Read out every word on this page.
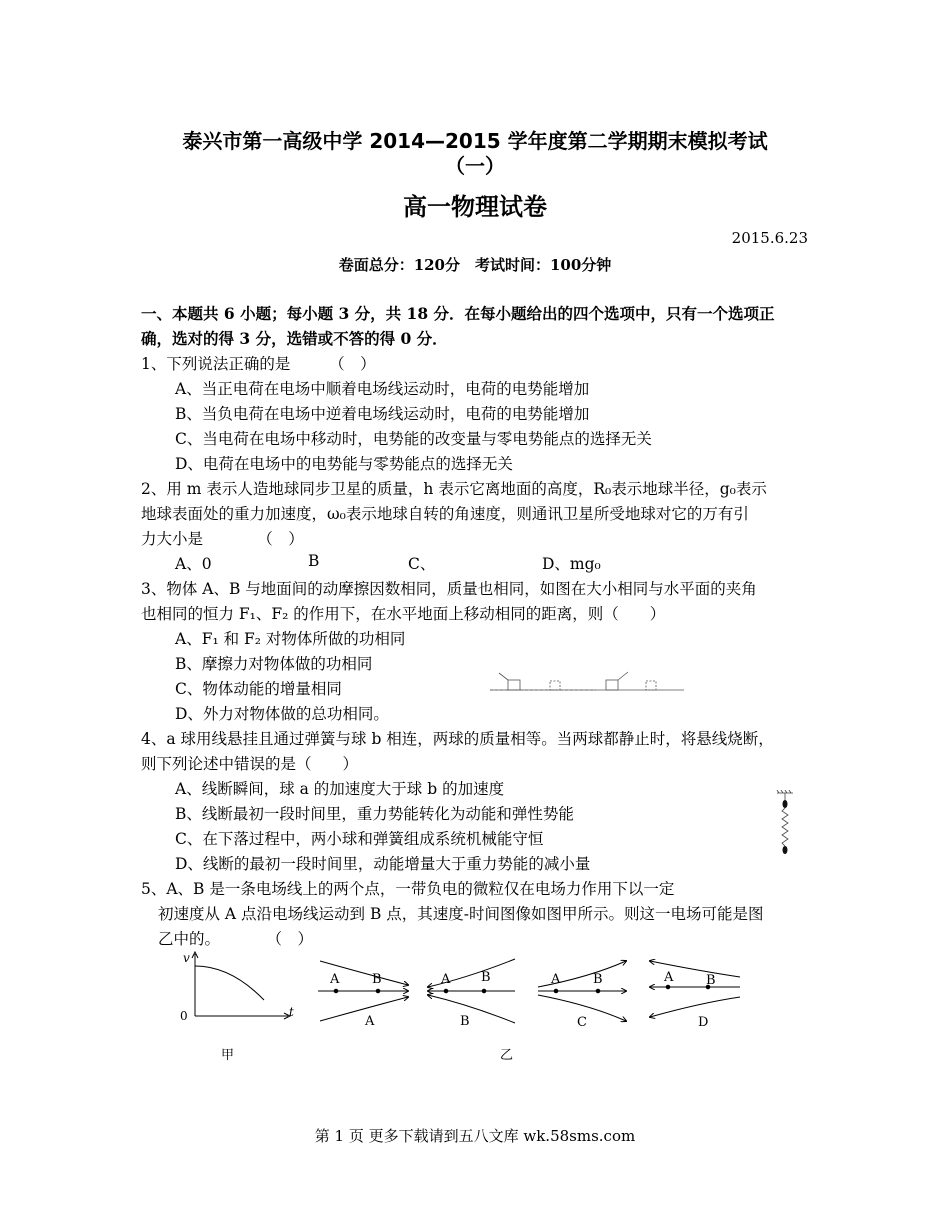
泰兴市第一高级中学 2014—2015 学年度第二学期期末模拟考试
（一）
高一物理试卷
2015.6.23
卷面总分：120分　考试时间：100分钟
一、本题共 6 小题；每小题 3 分，共 18 分．在每小题给出的四个选项中，只有一个选项正
确，选对的得 3 分，选错或不答的得 0 分．
1、下列说法正确的是　　　（　）
A、当正电荷在电场中顺着电场线运动时，电荷的电势能增加
B、当负电荷在电场中逆着电场线运动时，电荷的电势能增加
C、当电荷在电场中移动时，电势能的改变量与零电势能点的选择无关
D、电荷在电场中的电势能与零势能点的选择无关
2、用 m 表示人造地球同步卫星的质量，h 表示它离地面的高度，R₀表示地球半径，g₀表示
地球表面处的重力加速度，ω₀表示地球自转的角速度，则通讯卫星所受地球对它的万有引
力大小是　　　　（　）
A、0	B	C、	D、mg₀
3、物体 A、B 与地面间的动摩擦因数相同，质量也相同，如图在大小相同与水平面的夹角
也相同的恒力 F₁、F₂ 的作用下，在水平地面上移动相同的距离，则（　　）
A、F₁ 和 F₂ 对物体所做的功相同
B、摩擦力对物体做的功相同
C、物体动能的增量相同
D、外力对物体做的总功相同。
4、a 球用线悬挂且通过弹簧与球 b 相连，两球的质量相等。当两球都静止时，将悬线烧断，
则下列论述中错误的是（　　）
A、线断瞬间，球 a 的加速度大于球 b 的加速度
B、线断最初一段时间里，重力势能转化为动能和弹性势能
C、在下落过程中，两小球和弹簧组成系统机械能守恒
D、线断的最初一段时间里，动能增量大于重力势能的减小量
5、A、B 是一条电场线上的两个点，一带负电的微粒仅在电场力作用下以一定
初速度从 A 点沿电场线运动到 B 点，其速度-时间图像如图甲所示。则这一电场可能是图
乙中的。　　　　（　）
v
t
0
甲	乙
A	B
A
A B
B
A	B
C
A	B
D
第 1 页 更多下载请到五八文库 wk.58sms.com
